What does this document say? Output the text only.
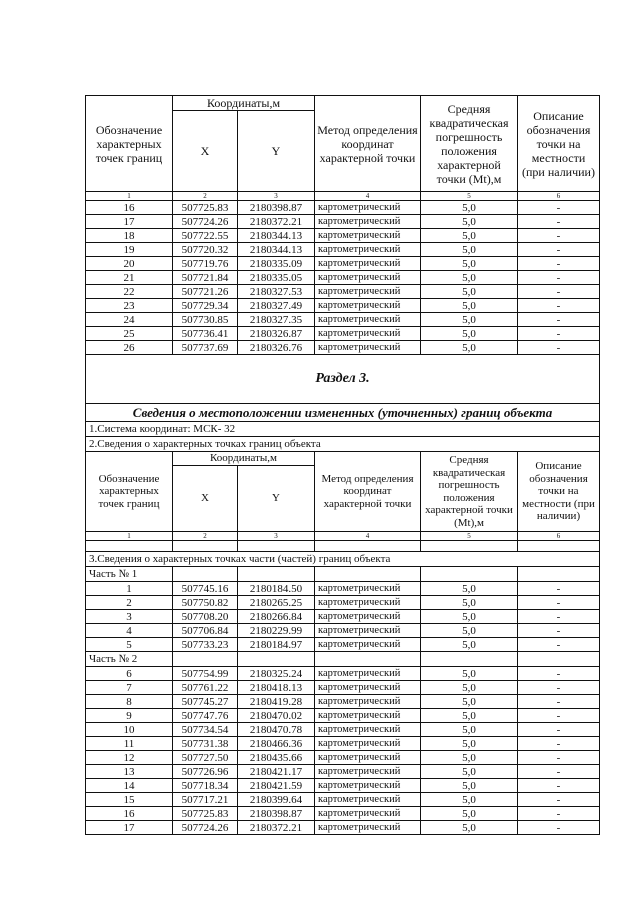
Обозначение характерных точек границ	Координаты,м		Метод определения координат характерной точки	Средняя квадратическая погрешность положения характерной точки (Mt),м	Описание обозначения точки на местности (при наличии)
	X	Y			
1	2	3	4	5	6
16	507725.83	2180398.87	картометрический	5,0	-
17	507724.26	2180372.21	картометрический	5,0	-
18	507722.55	2180344.13	картометрический	5,0	-
19	507720.32	2180344.13	картометрический	5,0	-
20	507719.76	2180335.09	картометрический	5,0	-
21	507721.84	2180335.05	картометрический	5,0	-
22	507721.26	2180327.53	картометрический	5,0	-
23	507729.34	2180327.49	картометрический	5,0	-
24	507730.85	2180327.35	картометрический	5,0	-
25	507736.41	2180326.87	картометрический	5,0	-
26	507737.69	2180326.76	картометрический	5,0	-
Раздел 3.					
Сведения о местоположении измененных (уточненных) границ объекта					
1.Система координат: МСК- 32					
2.Сведения о характерных точках границ объекта					
Обозначение характерных точек границ	Координаты,м		Метод определения координат характерной точки	Средняя квадратическая погрешность положения характерной точки (Mt),м	Описание обозначения точки на местности (при наличии)
	X	Y			
1	2	3	4	5	6

3.Сведения о характерных точках части (частей) границ объекта					
Часть № 1					
1	507745.16	2180184.50	картометрический	5,0	-
2	507750.82	2180265.25	картометрический	5,0	-
3	507708.20	2180266.84	картометрический	5,0	-
4	507706.84	2180229.99	картометрический	5,0	-
5	507733.23	2180184.97	картометрический	5,0	-
Часть № 2					
6	507754.99	2180325.24	картометрический	5,0	-
7	507761.22	2180418.13	картометрический	5,0	-
8	507745.27	2180419.28	картометрический	5,0	-
9	507747.76	2180470.02	картометрический	5,0	-
10	507734.54	2180470.78	картометрический	5,0	-
11	507731.38	2180466.36	картометрический	5,0	-
12	507727.50	2180435.66	картометрический	5,0	-
13	507726.96	2180421.17	картометрический	5,0	-
14	507718.34	2180421.59	картометрический	5,0	-
15	507717.21	2180399.64	картометрический	5,0	-
16	507725.83	2180398.87	картометрический	5,0	-
17	507724.26	2180372.21	картометрический	5,0	-
